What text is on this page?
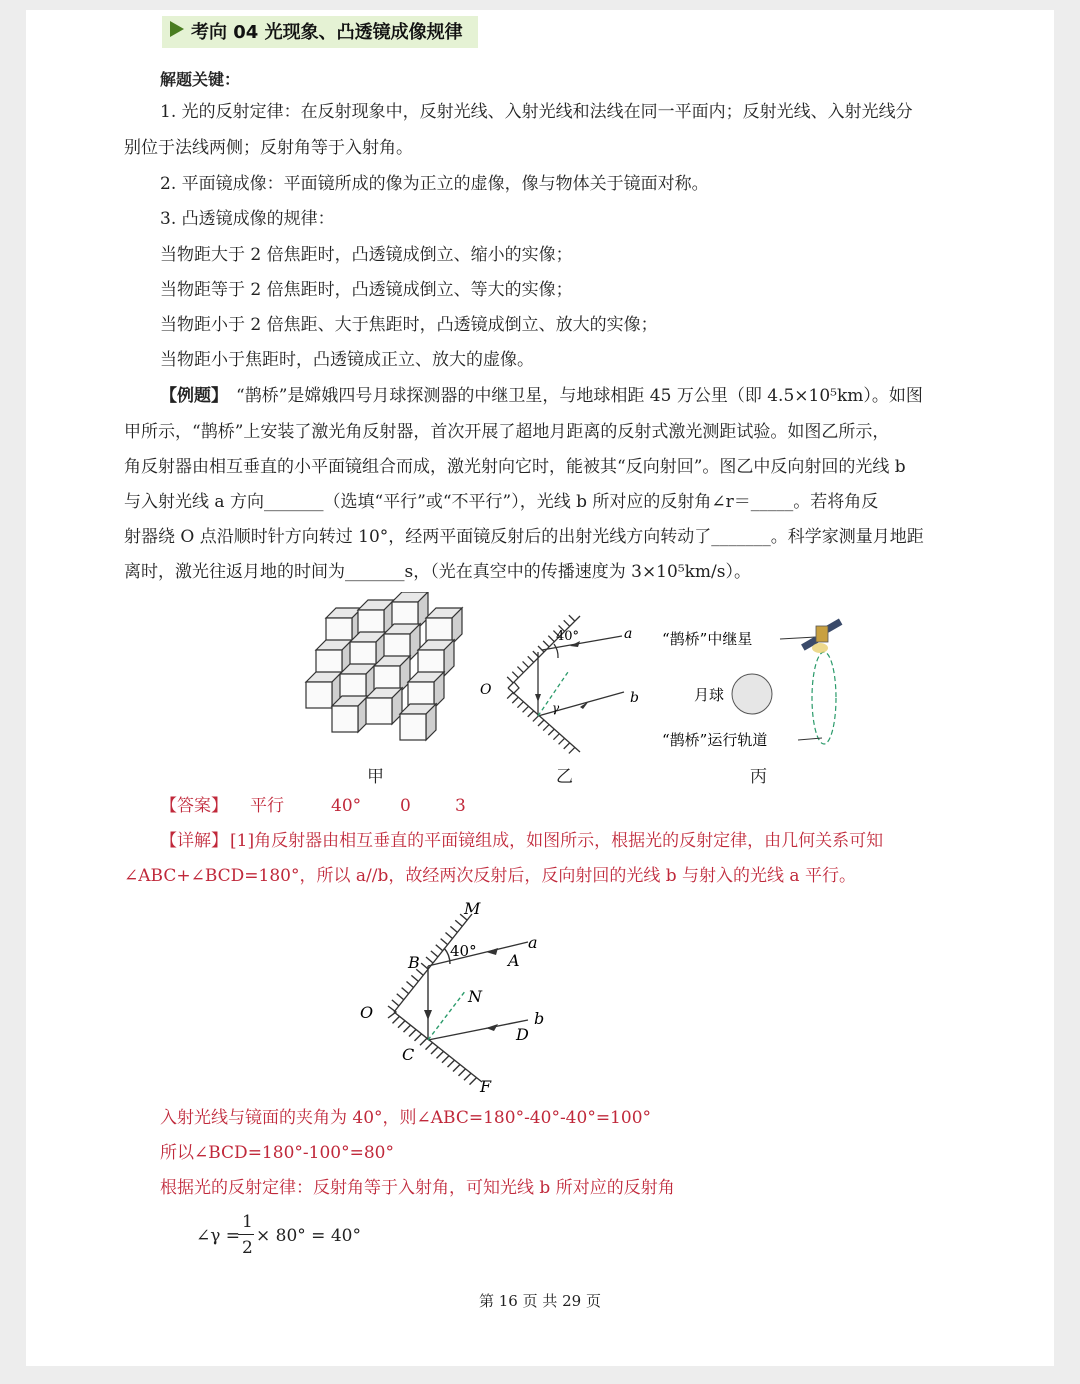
考向 04 光现象、凸透镜成像规律
解题关键：
1. 光的反射定律：在反射现象中，反射光线、入射光线和法线在同一平面内；反射光线、入射光线分
别位于法线两侧；反射角等于入射角。
2. 平面镜成像：平面镜所成的像为正立的虚像，像与物体关于镜面对称。
3. 凸透镜成像的规律：
当物距大于 2 倍焦距时，凸透镜成倒立、缩小的实像；
当物距等于 2 倍焦距时，凸透镜成倒立、等大的实像；
当物距小于 2 倍焦距、大于焦距时，凸透镜成倒立、放大的实像；
当物距小于焦距时，凸透镜成正立、放大的虚像。
【例题】 “鹊桥”是嫦娥四号月球探测器的中继卫星，与地球相距 45 万公里（即 4.5×10⁵km）。如图
甲所示，“鹊桥”上安装了激光角反射器，首次开展了超地月距离的反射式激光测距试验。如图乙所示，
角反射器由相互垂直的小平面镜组合而成，激光射向它时，能被其“反向射回”。图乙中反向射回的光线 b
与入射光线 a 方向_______（选填“平行”或“不平行”），光线 b 所对应的反射角∠r＝_____。若将角反
射器绕 O 点沿顺时针方向转过 10°，经两平面镜反射后的出射光线方向转动了_______。科学家测量月地距
离时，激光往返月地的时间为_______s，（光在真空中的传播速度为 3×10⁵km/s）。
40°	a
b
O
γ
“鹊桥”中继星
月球
“鹊桥”运行轨道
甲	乙	丙
【答案】 平行	40° 0	3
【详解】 [1]角反射器由相互垂直的平面镜组成，如图所示，根据光的反射定律，由几何关系可知
∠ABC+∠BCD=180°，所以 a//b，故经两次反射后，反向射回的光线 b 与射入的光线 a 平行。
M
B	A
a
40°
N
O	b
D
C
F
入射光线与镜面的夹角为 40°，则∠ABC=180°-40°-40°=100°
所以∠BCD=180°-100°=80°
根据光的反射定律：反射角等于入射角，可知光线 b 所对应的反射角
∠γ =
1
2
× 80° = 40°
第 16 页 共 29 页
